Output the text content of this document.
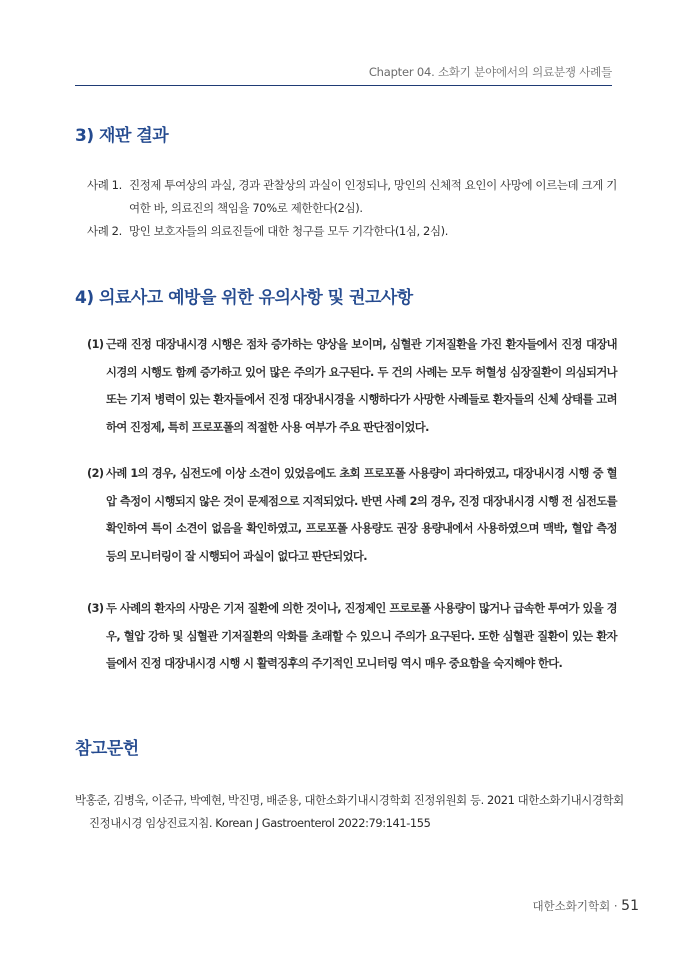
Chapter 04. 소화기 분야에서의 의료분쟁 사례들
3) 재판 결과
사례 1. 진정제 투여상의 과실, 경과 관찰상의 과실이 인정되나, 망인의 신체적 요인이 사망에 이르는데 크게 기여한 바, 의료진의 책임을 70%로 제한한다(2심).
사례 2. 망인 보호자들의 의료진들에 대한 청구를 모두 기각한다(1심, 2심).
4) 의료사고 예방을 위한 유의사항 및 권고사항
(1) 근래 진정 대장내시경 시행은 점차 증가하는 양상을 보이며, 심혈관 기저질환을 가진 환자들에서 진정 대장내시경의 시행도 함께 증가하고 있어 많은 주의가 요구된다. 두 건의 사례는 모두 허혈성 심장질환이 의심되거나 또는 기저 병력이 있는 환자들에서 진정 대장내시경을 시행하다가 사망한 사례들로 환자들의 신체 상태를 고려하여 진정제, 특히 프로포폴의 적절한 사용 여부가 주요 판단점이었다.
(2) 사례 1의 경우, 심전도에 이상 소견이 있었음에도 초회 프로포폴 사용량이 과다하였고, 대장내시경 시행 중 혈압 측정이 시행되지 않은 것이 문제점으로 지적되었다. 반면 사례 2의 경우, 진정 대장내시경 시행 전 심전도를 확인하여 특이 소견이 없음을 확인하였고, 프로포폴 사용량도 권장 용량내에서 사용하였으며 맥박, 혈압 측정 등의 모니터링이 잘 시행되어 과실이 없다고 판단되었다.
(3) 두 사례의 환자의 사망은 기저 질환에 의한 것이나, 진정제인 프로로폴 사용량이 많거나 급속한 투여가 있을 경우, 혈압 강하 및 심혈관 기저질환의 악화를 초래할 수 있으니 주의가 요구된다. 또한 심혈관 질환이 있는 환자들에서 진정 대장내시경 시행 시 활력징후의 주기적인 모니터링 역시 매우 중요함을 숙지해야 한다.
참고문헌
박홍준, 김병욱, 이준규, 박예현, 박진명, 배준용, 대한소화기내시경학회 진정위원회 등. 2021 대한소화기내시경학회 진정내시경 임상진료지침. Korean J Gastroenterol 2022:79:141-155
대한소화기학회 · 51
